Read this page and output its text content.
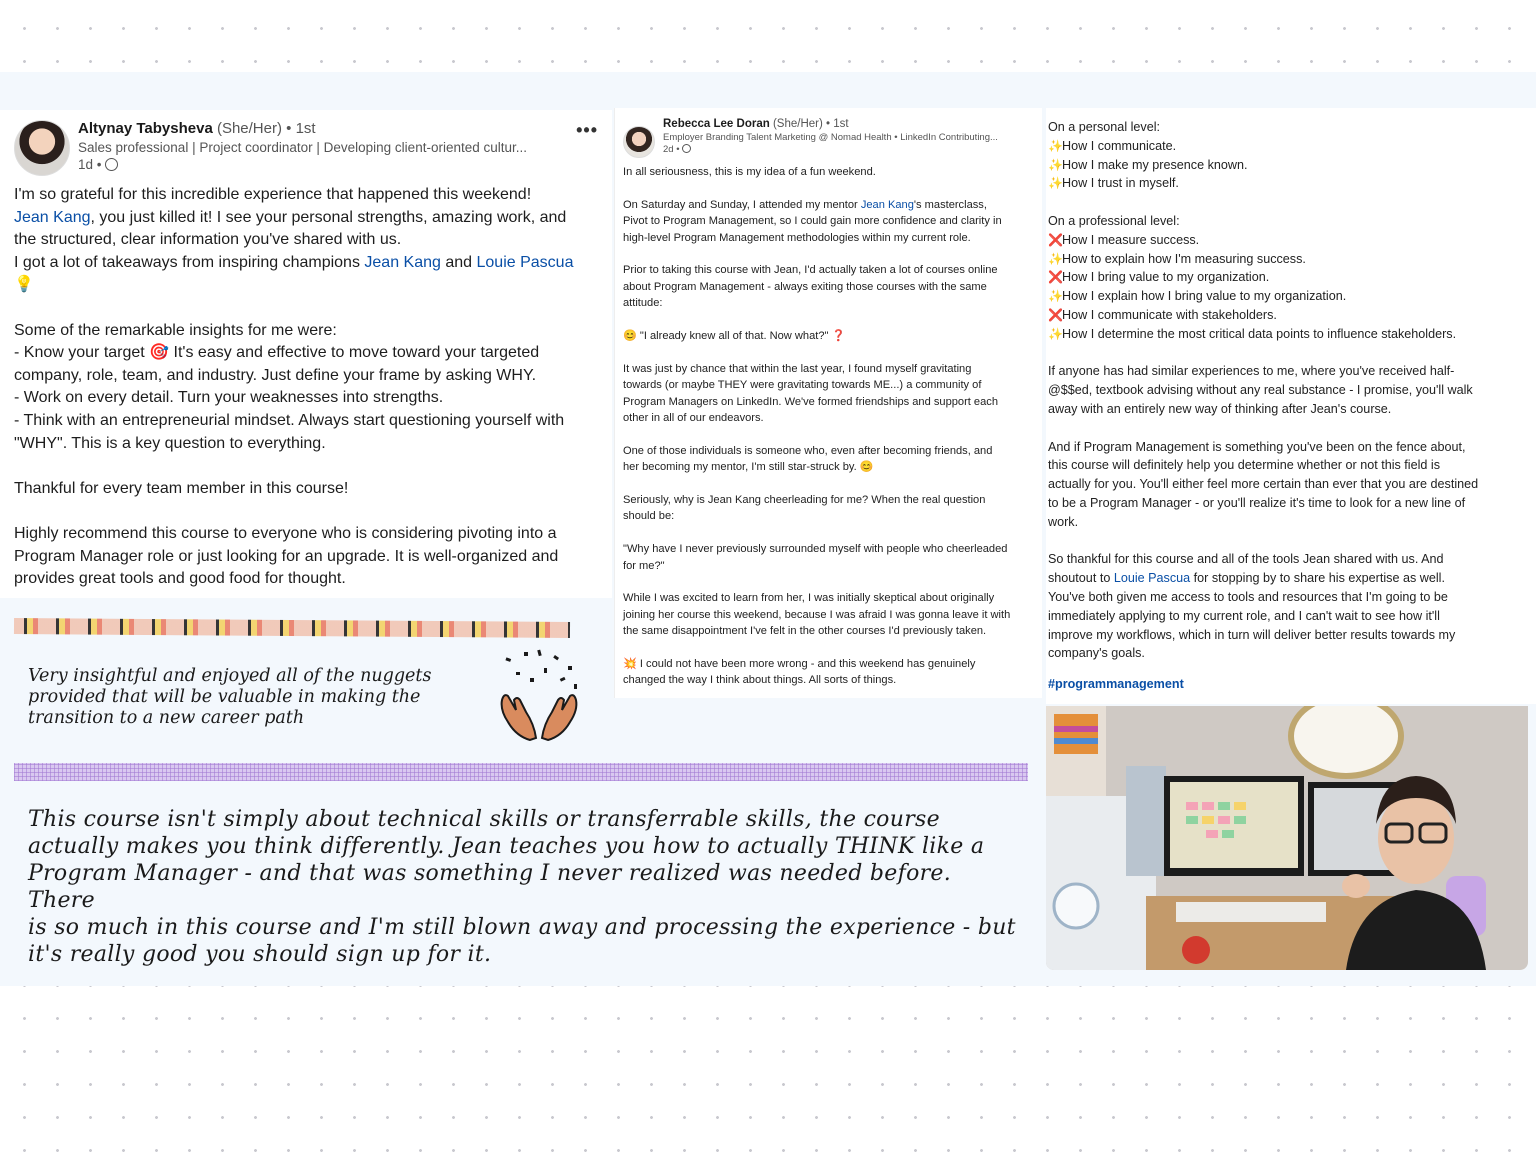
Altynay Tabysheva (She/Her) • 1st
Sales professional | Project coordinator | Developing client-oriented cultur...
1d •
•••

I'm so grateful for this incredible experience that happened this weekend!

Jean Kang, you just killed it! I see your personal strengths, amazing work, and

the structured, clear information you've shared with us.

I got a lot of takeaways from inspiring champions Jean Kang and Louie Pascua

💡

Some of the remarkable insights for me were:

- Know your target 🎯 It's easy and effective to move toward your targeted

company, role, team, and industry. Just define your frame by asking WHY.

- Work on every detail. Turn your weaknesses into strengths.

- Think with an entrepreneurial mindset. Always start questioning yourself with

"WHY". This is a key question to everything.

Thankful for every team member in this course!

Highly recommend this course to everyone who is considering pivoting into a

Program Manager role or just looking for an upgrade. It is well-organized and

provides great tools and good food for thought.

Very insightful and enjoyed all of the nuggets
provided that will be valuable in making the
transition to a new career path
This course isn't simply about technical skills or transferrable skills, the course
actually makes you think differently. Jean teaches you how to actually THINK like a
Program Manager - and that was something I never realized was needed before. There
is so much in this course and I'm still blown away and processing the experience - but
it's really good you should sign up for it.
Rebecca Lee Doran (She/Her) • 1st
Employer Branding Talent Marketing @ Nomad Health • LinkedIn Contributing...
2d •
In all seriousness, this is my idea of a fun weekend.
On Saturday and Sunday, I attended my mentor Jean Kang's masterclass,
Pivot to Program Management, so I could gain more confidence and clarity in
high-level Program Management methodologies within my current role.
Prior to taking this course with Jean, I'd actually taken a lot of courses online
about Program Management - always exiting those courses with the same
attitude:
😊 "I already knew all of that. Now what?" ❓
It was just by chance that within the last year, I found myself gravitating
towards (or maybe THEY were gravitating towards ME...) a community of
Program Managers on LinkedIn. We've formed friendships and support each
other in all of our endeavors.
One of those individuals is someone who, even after becoming friends, and
her becoming my mentor, I'm still star-struck by. 😊
Seriously, why is Jean Kang cheerleading for me? When the real question
should be:
"Why have I never previously surrounded myself with people who cheerleaded
for me?"
While I was excited to learn from her, I was initially skeptical about originally
joining her course this weekend, because I was afraid I was gonna leave it with
the same disappointment I've felt in the other courses I'd previously taken.
💥 I could not have been more wrong - and this weekend has genuinely
changed the way I think about things. All sorts of things.
On a personal level:
✨How I communicate.
✨How I make my presence known.
✨How I trust in myself.
On a professional level:
❌How I measure success.
✨How to explain how I'm measuring success.
❌How I bring value to my organization.
✨How I explain how I bring value to my organization.
❌How I communicate with stakeholders.
✨How I determine the most critical data points to influence stakeholders.
If anyone has had similar experiences to me, where you've received half-
@$$ed, textbook advising without any real substance - I promise, you'll walk
away with an entirely new way of thinking after Jean's course.
And if Program Management is something you've been on the fence about,
this course will definitely help you determine whether or not this field is
actually for you. You'll either feel more certain than ever that you are destined
to be a Program Manager - or you'll realize it's time to look for a new line of
work.
So thankful for this course and all of the tools Jean shared with us. And
shoutout to Louie Pascua for stopping by to share his expertise as well.
You've both given me access to tools and resources that I'm going to be
immediately applying to my current role, and I can't wait to see how it'll
improve my workflows, which in turn will deliver better results towards my
company's goals.
#programmanagement
